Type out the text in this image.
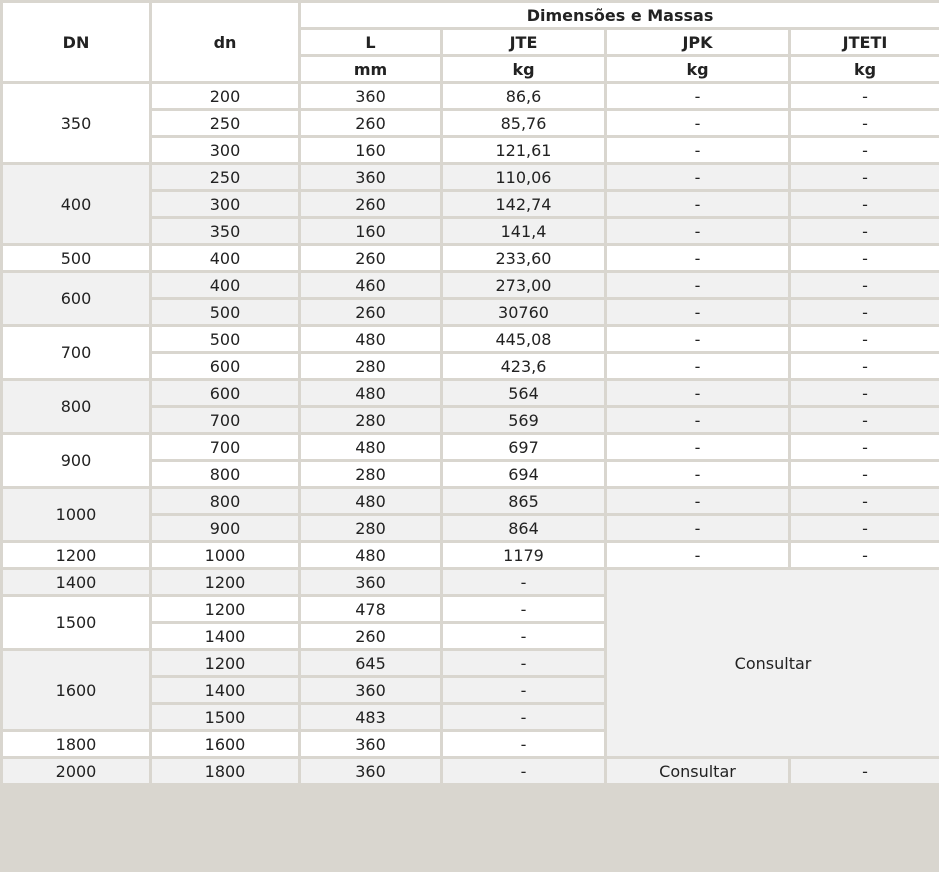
DN	dn	Dimensões e Massas			
		L	JTE	JPK	JTETI
		mm	kg	kg	kg
350	200	360	86,6	-	-
	250	260	85,76	-	-
	300	160	121,61	-	-
400	250	360	110,06	-	-
	300	260	142,74	-	-
	350	160	141,4	-	-
500	400	260	233,60	-	-
600	400	460	273,00	-	-
	500	260	30760	-	-
700	500	480	445,08	-	-
	600	280	423,6	-	-
800	600	480	564	-	-
	700	280	569	-	-
900	700	480	697	-	-
	800	280	694	-	-
1000	800	480	865	-	-
	900	280	864	-	-
1200	1000	480	1179	-	-
1400	1200	360	-	Consultar	
1500	1200	478	-		
	1400	260	-		
1600	1200	645	-		
	1400	360	-		
	1500	483	-		
1800	1600	360	-		
2000	1800	360	-	Consultar	-
